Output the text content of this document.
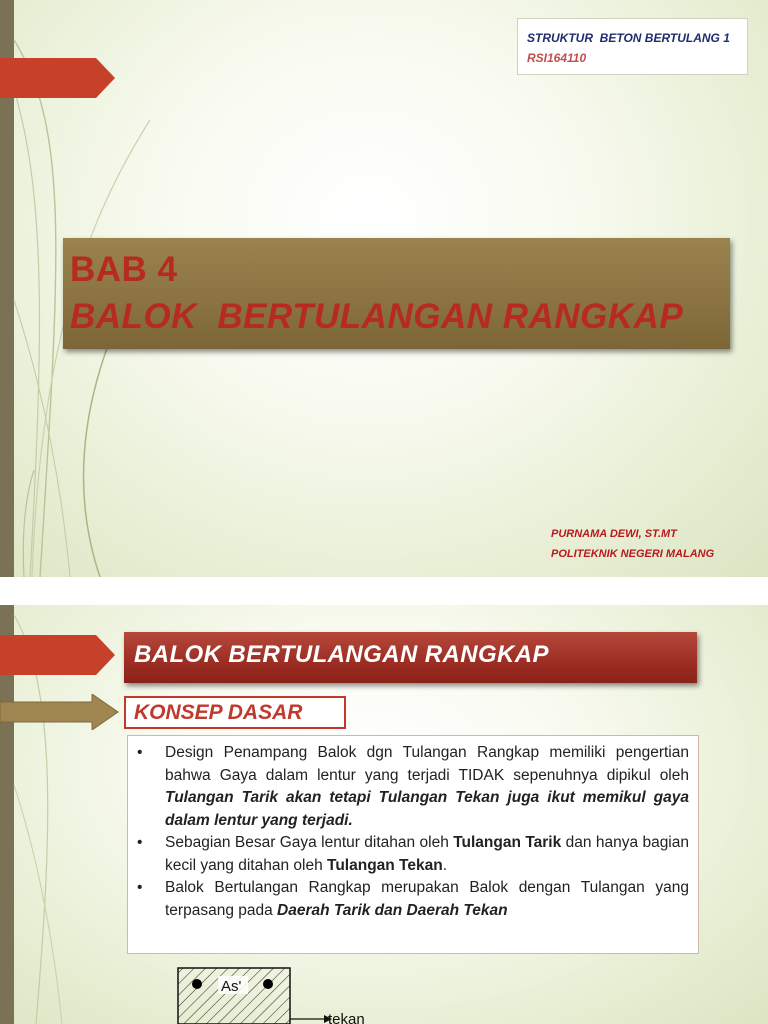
STRUKTUR  BETON BERTULANG 1
RSI164110
BAB 4
BALOK  BERTULANGAN RANGKAP
PURNAMA DEWI, ST.MT
POLITEKNIK NEGERI MALANG
BALOK BERTULANGAN RANGKAP
KONSEP DASAR
• Design Penampang Balok dgn Tulangan Rangkap memiliki pengertian bahwa Gaya dalam lentur yang terjadi TIDAK sepenuhnya dipikul oleh Tulangan Tarik akan tetapi Tulangan Tekan juga ikut memikul gaya dalam lentur yang terjadi.
• Sebagian Besar Gaya lentur ditahan oleh Tulangan Tarik dan hanya bagian kecil yang ditahan oleh Tulangan Tekan.
• Balok Bertulangan Rangkap merupakan Balok dengan Tulangan yang terpasang pada Daerah Tarik dan Daerah Tekan
As'
tekan
